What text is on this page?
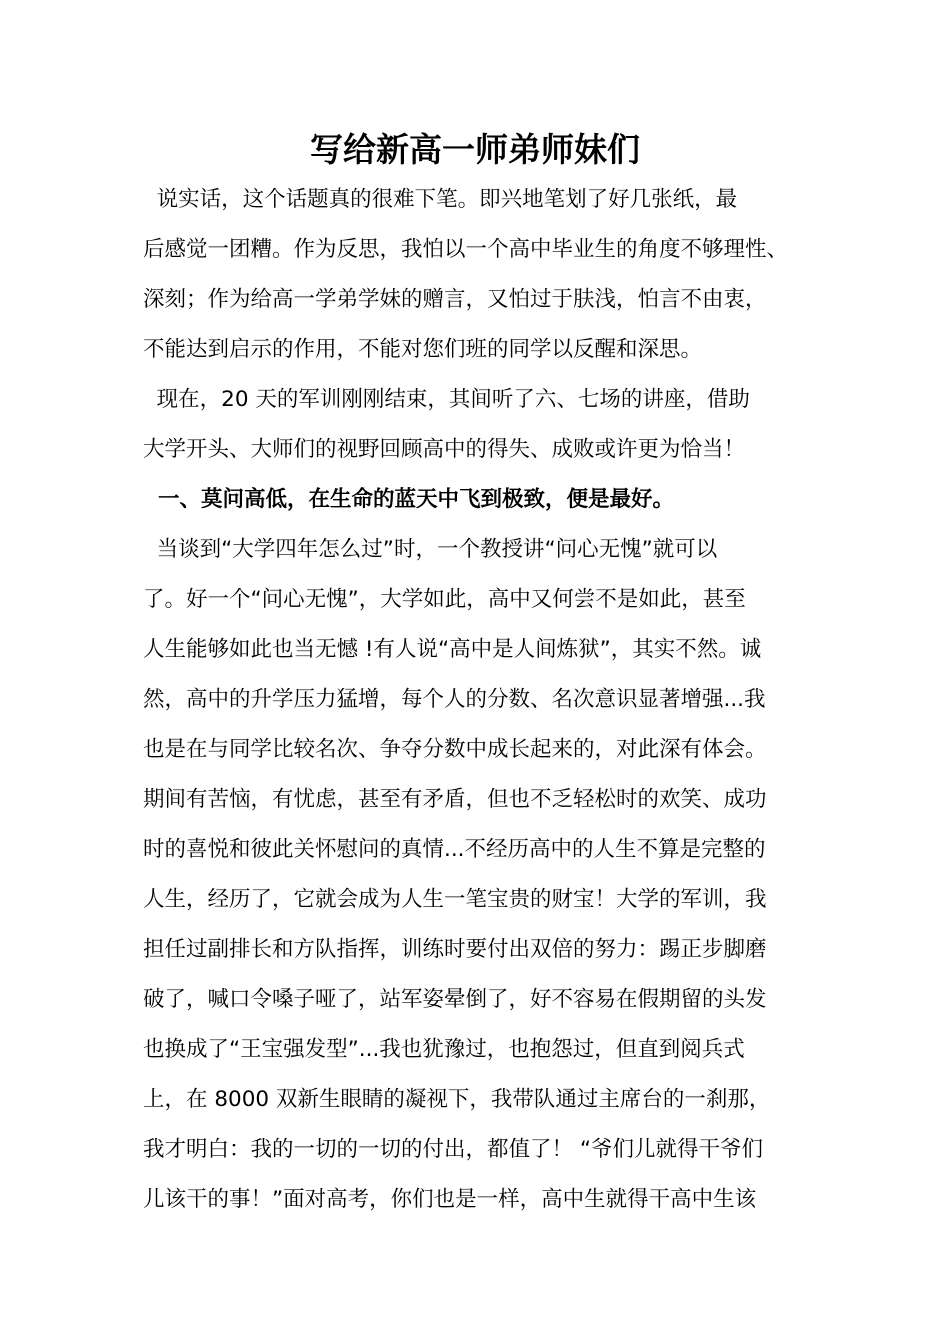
写给新高一师弟师妹们
说实话，这个话题真的很难下笔。即兴地笔划了好几张纸，最
后感觉一团糟。作为反思，我怕以一个高中毕业生的角度不够理性、
深刻；作为给高一学弟学妹的赠言，又怕过于肤浅，怕言不由衷，
不能达到启示的作用，不能对您们班的同学以反醒和深思。
现在，20 天的军训刚刚结束，其间听了六、七场的讲座，借助
大学开头、大师们的视野回顾高中的得失、成败或许更为恰当！
一、莫问高低，在生命的蓝天中飞到极致，便是最好。
当谈到“大学四年怎么过”时，一个教授讲“问心无愧”就可以
了。好一个“问心无愧”，大学如此，高中又何尝不是如此，甚至
人生能够如此也当无憾 !有人说“高中是人间炼狱”，其实不然。诚
然，高中的升学压力猛增，每个人的分数、名次意识显著增强...我
也是在与同学比较名次、争夺分数中成长起来的，对此深有体会。
期间有苦恼，有忧虑，甚至有矛盾，但也不乏轻松时的欢笑、成功
时的喜悦和彼此关怀慰问的真情...不经历高中的人生不算是完整的
人生，经历了，它就会成为人生一笔宝贵的财宝！大学的军训，我
担任过副排长和方队指挥，训练时要付出双倍的努力：踢正步脚磨
破了，喊口令嗓子哑了，站军姿晕倒了，好不容易在假期留的头发
也换成了“王宝强发型”...我也犹豫过，也抱怨过，但直到阅兵式
上，在 8000 双新生眼睛的凝视下，我带队通过主席台的一刹那，
我才明白：我的一切的一切的付出，都值了！ “爷们儿就得干爷们
儿该干的事！”面对高考，你们也是一样，高中生就得干高中生该
